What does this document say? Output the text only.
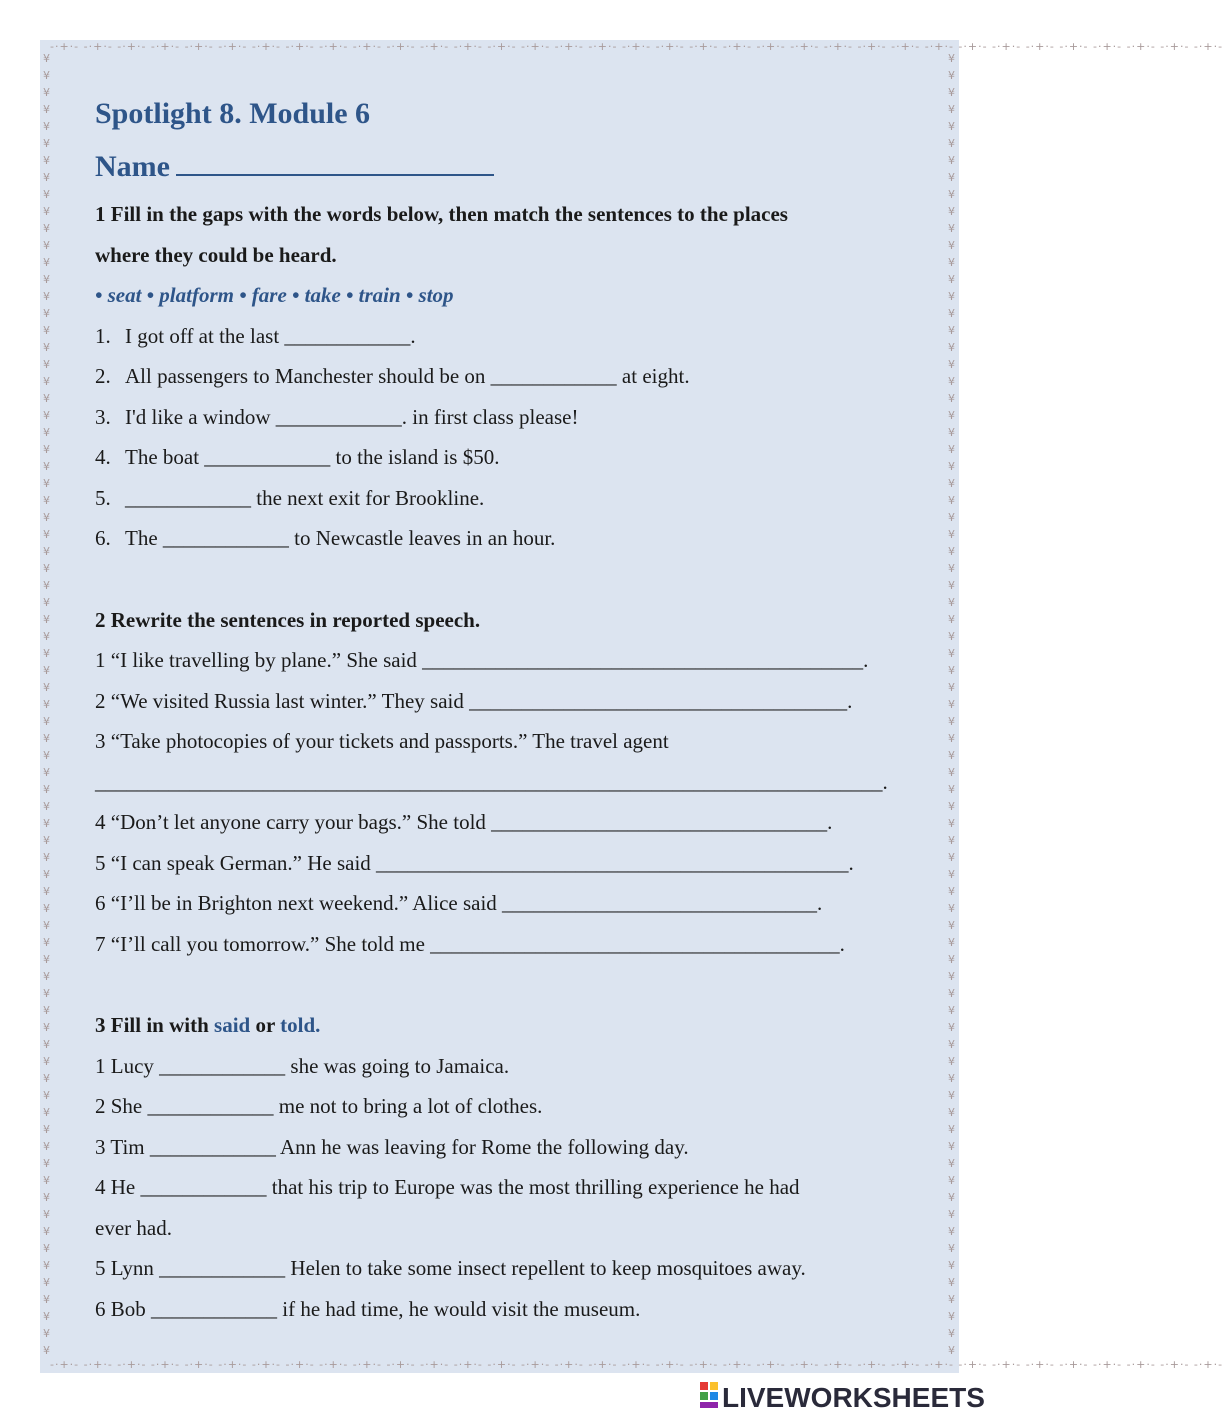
-·+·- -·+·- -·+·- -·+·- -·+·- -·+·- -·+·- -·+·- -·+·- -·+·- -·+·- -·+·- -·+·- -·+·- -·+·- -·+·- -·+·- -·+·- -·+·- -·+·- -·+·- -·+·- -·+·- -·+·- -·+·- -·+·- -·+·- -·+·- -·+·- -·+·- -·+·- -·+·- -·+·- -·+·- -·+·-
-·+·- -·+·- -·+·- -·+·- -·+·- -·+·- -·+·- -·+·- -·+·- -·+·- -·+·- -·+·- -·+·- -·+·- -·+·- -·+·- -·+·- -·+·- -·+·- -·+·- -·+·- -·+·- -·+·- -·+·- -·+·- -·+·- -·+·- -·+·- -·+·- -·+·- -·+·- -·+·- -·+·- -·+·- -·+·-
¥ ¥ ¥ ¥ ¥ ¥ ¥ ¥ ¥ ¥ ¥ ¥ ¥ ¥ ¥ ¥ ¥ ¥ ¥ ¥ ¥ ¥ ¥ ¥ ¥ ¥ ¥ ¥ ¥ ¥ ¥ ¥ ¥ ¥ ¥ ¥ ¥ ¥ ¥ ¥ ¥ ¥ ¥ ¥ ¥ ¥ ¥ ¥ ¥ ¥ ¥ ¥ ¥ ¥ ¥ ¥ ¥ ¥ ¥ ¥ ¥ ¥ ¥ ¥ ¥ ¥ ¥ ¥ ¥ ¥ ¥ ¥ ¥ ¥ ¥ ¥ ¥
¥ ¥ ¥ ¥ ¥ ¥ ¥ ¥ ¥ ¥ ¥ ¥ ¥ ¥ ¥ ¥ ¥ ¥ ¥ ¥ ¥ ¥ ¥ ¥ ¥ ¥ ¥ ¥ ¥ ¥ ¥ ¥ ¥ ¥ ¥ ¥ ¥ ¥ ¥ ¥ ¥ ¥ ¥ ¥ ¥ ¥ ¥ ¥ ¥ ¥ ¥ ¥ ¥ ¥ ¥ ¥ ¥ ¥ ¥ ¥ ¥ ¥ ¥ ¥ ¥ ¥ ¥ ¥ ¥ ¥ ¥ ¥ ¥ ¥ ¥ ¥ ¥
Spotlight 8. Module 6
Name
1 Fill in the gaps with the words below, then match the sentences to the places
where they could be heard.
• seat • platform • fare • take • train • stop
1. I got off at the last ____________.
2. All passengers to Manchester should be on ____________ at eight.
3. I'd like a window ____________. in first class please!
4. The boat ____________ to the island is $50.
5. ____________ the next exit for Brookline.
6. The ____________ to Newcastle leaves in an hour.
2 Rewrite the sentences in reported speech.
1 “I like travelling by plane.” She said __________________________________________.
2 “We visited Russia last winter.” They said ____________________________________.
3 “Take photocopies of your tickets and passports.” The travel agent
___________________________________________________________________________.
4 “Don’t let anyone carry your bags.” She told ________________________________.
5 “I can speak German.” He said _____________________________________________.
6 “I’ll be in Brighton next weekend.” Alice said ______________________________.
7 “I’ll call you tomorrow.” She told me _______________________________________.
3 Fill in with said or told.
1 Lucy ____________ she was going to Jamaica.
2 She ____________ me not to bring a lot of clothes.
3 Tim ____________ Ann he was leaving for Rome the following day.
4 He ____________ that his trip to Europe was the most thrilling experience he had
ever had.
5 Lynn ____________ Helen to take some insect repellent to keep mosquitoes away.
6 Bob ____________ if he had time, he would visit the museum.
LIVEWORKSHEETS
